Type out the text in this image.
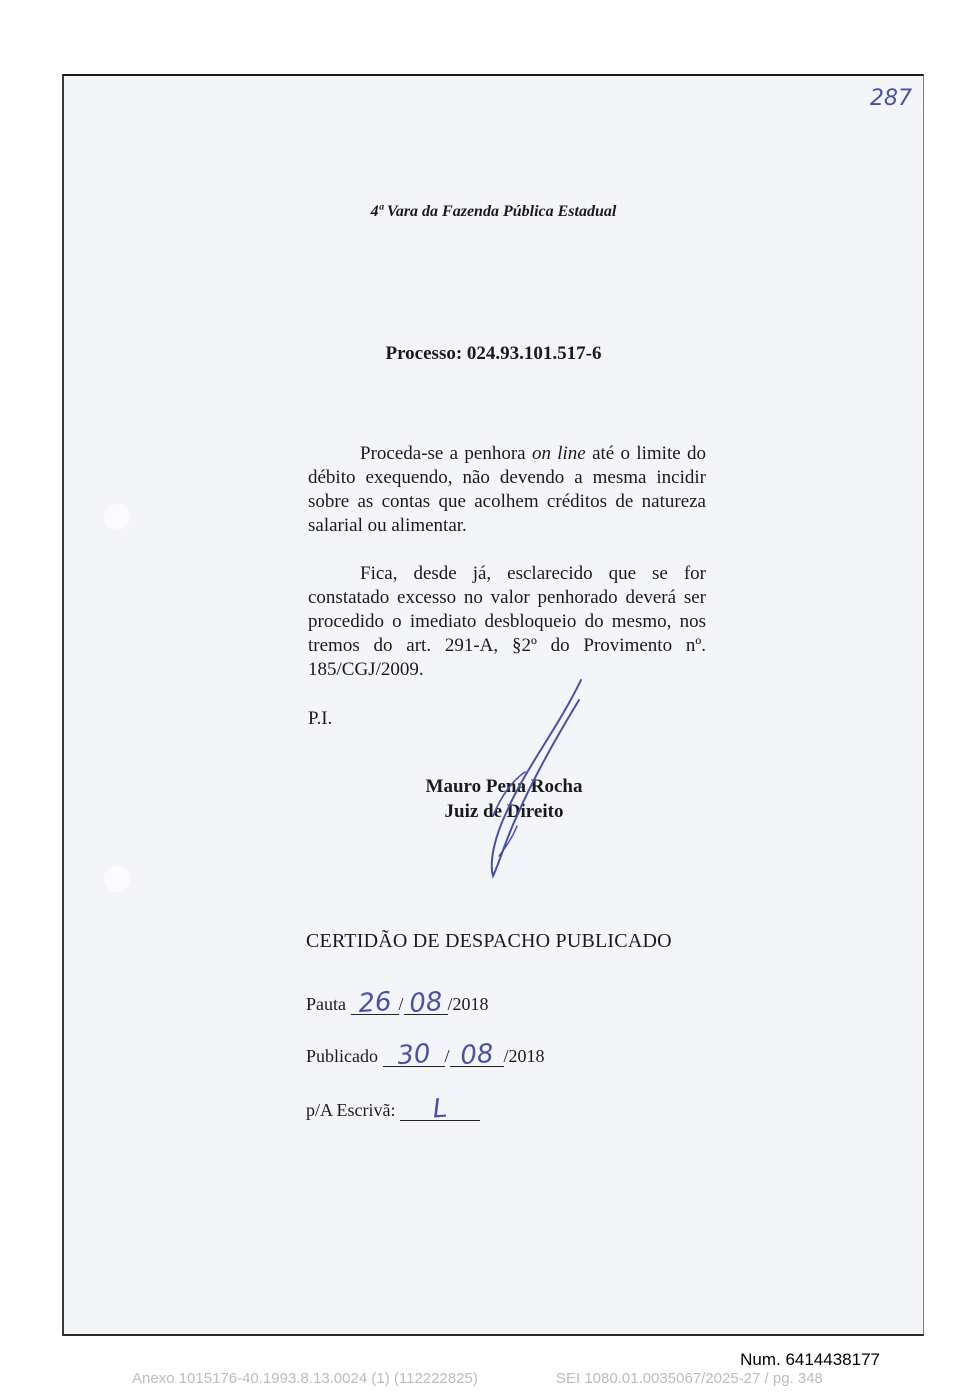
287
4ª Vara da Fazenda Pública Estadual
Processo: 024.93.101.517-6

Proceda-se a penhora on line até o limite do débito exequendo, não devendo a mesma incidir sobre as contas que acolhem créditos de natureza salarial ou alimentar.

Fica, desde já, esclarecido que se for constatado excesso no valor penhorado deverá ser procedido o imediato desbloqueio do mesmo, nos tremos do art. 291-A, §2º do Provimento nº. 185/CGJ/2009.

P.I.
Mauro Pena Rocha
Juiz de Direito
CERTIDÃO DE DESPACHO PUBLICADO
Pauta 26 / 08 /2018
Publicado 30 / 08 /2018
p/A Escrivã:	L
Num. 6414438177
Anexo 1015176-40.1993.8.13.0024 (1) (112222825)	SEI 1080.01.0035067/2025-27 / pg. 348
